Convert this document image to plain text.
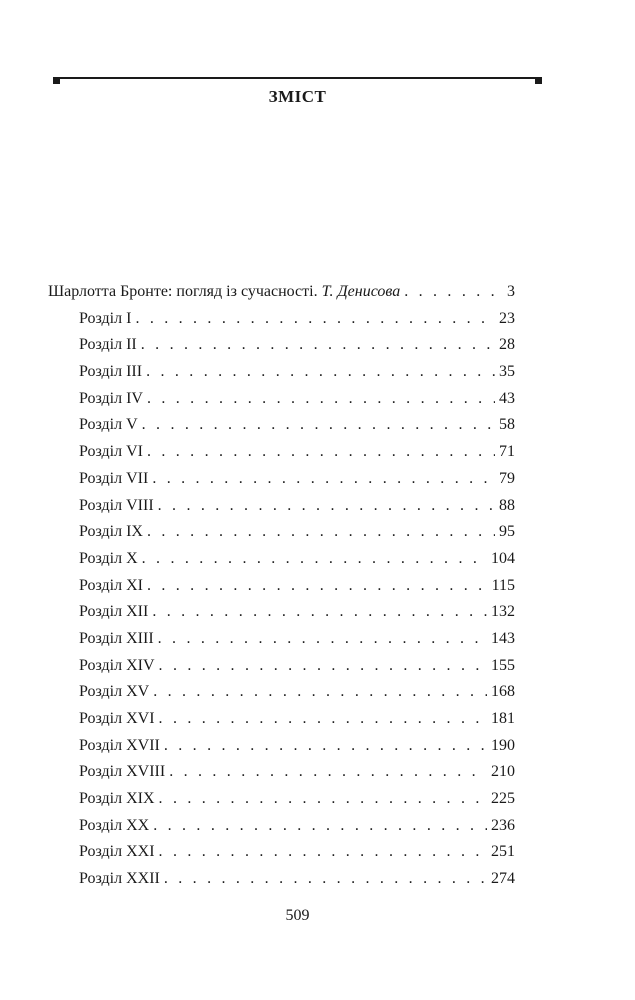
ЗМІСТ
Шарлотта Бронте: погляд із сучасності. Т. Денисова . . .	3
Розділ I . . .	23
Розділ II . . .	28
Розділ III . . .	35
Розділ IV . . .	43
Розділ V . . .	58
Розділ VI . . .	71
Розділ VII . . .	79
Розділ VIII . . .	88
Розділ IX . . .	95
Розділ X . . .	104
Розділ XI . . .	115
Розділ XII . . .	132
Розділ XIII . . .	143
Розділ XIV . . .	155
Розділ XV . . .	168
Розділ XVI . . .	181
Розділ XVII . . .	190
Розділ XVIII . . .	210
Розділ XIX . . .	225
Розділ XX . . .	236
Розділ XXI . . .	251
Розділ XXII . . .	274
509
